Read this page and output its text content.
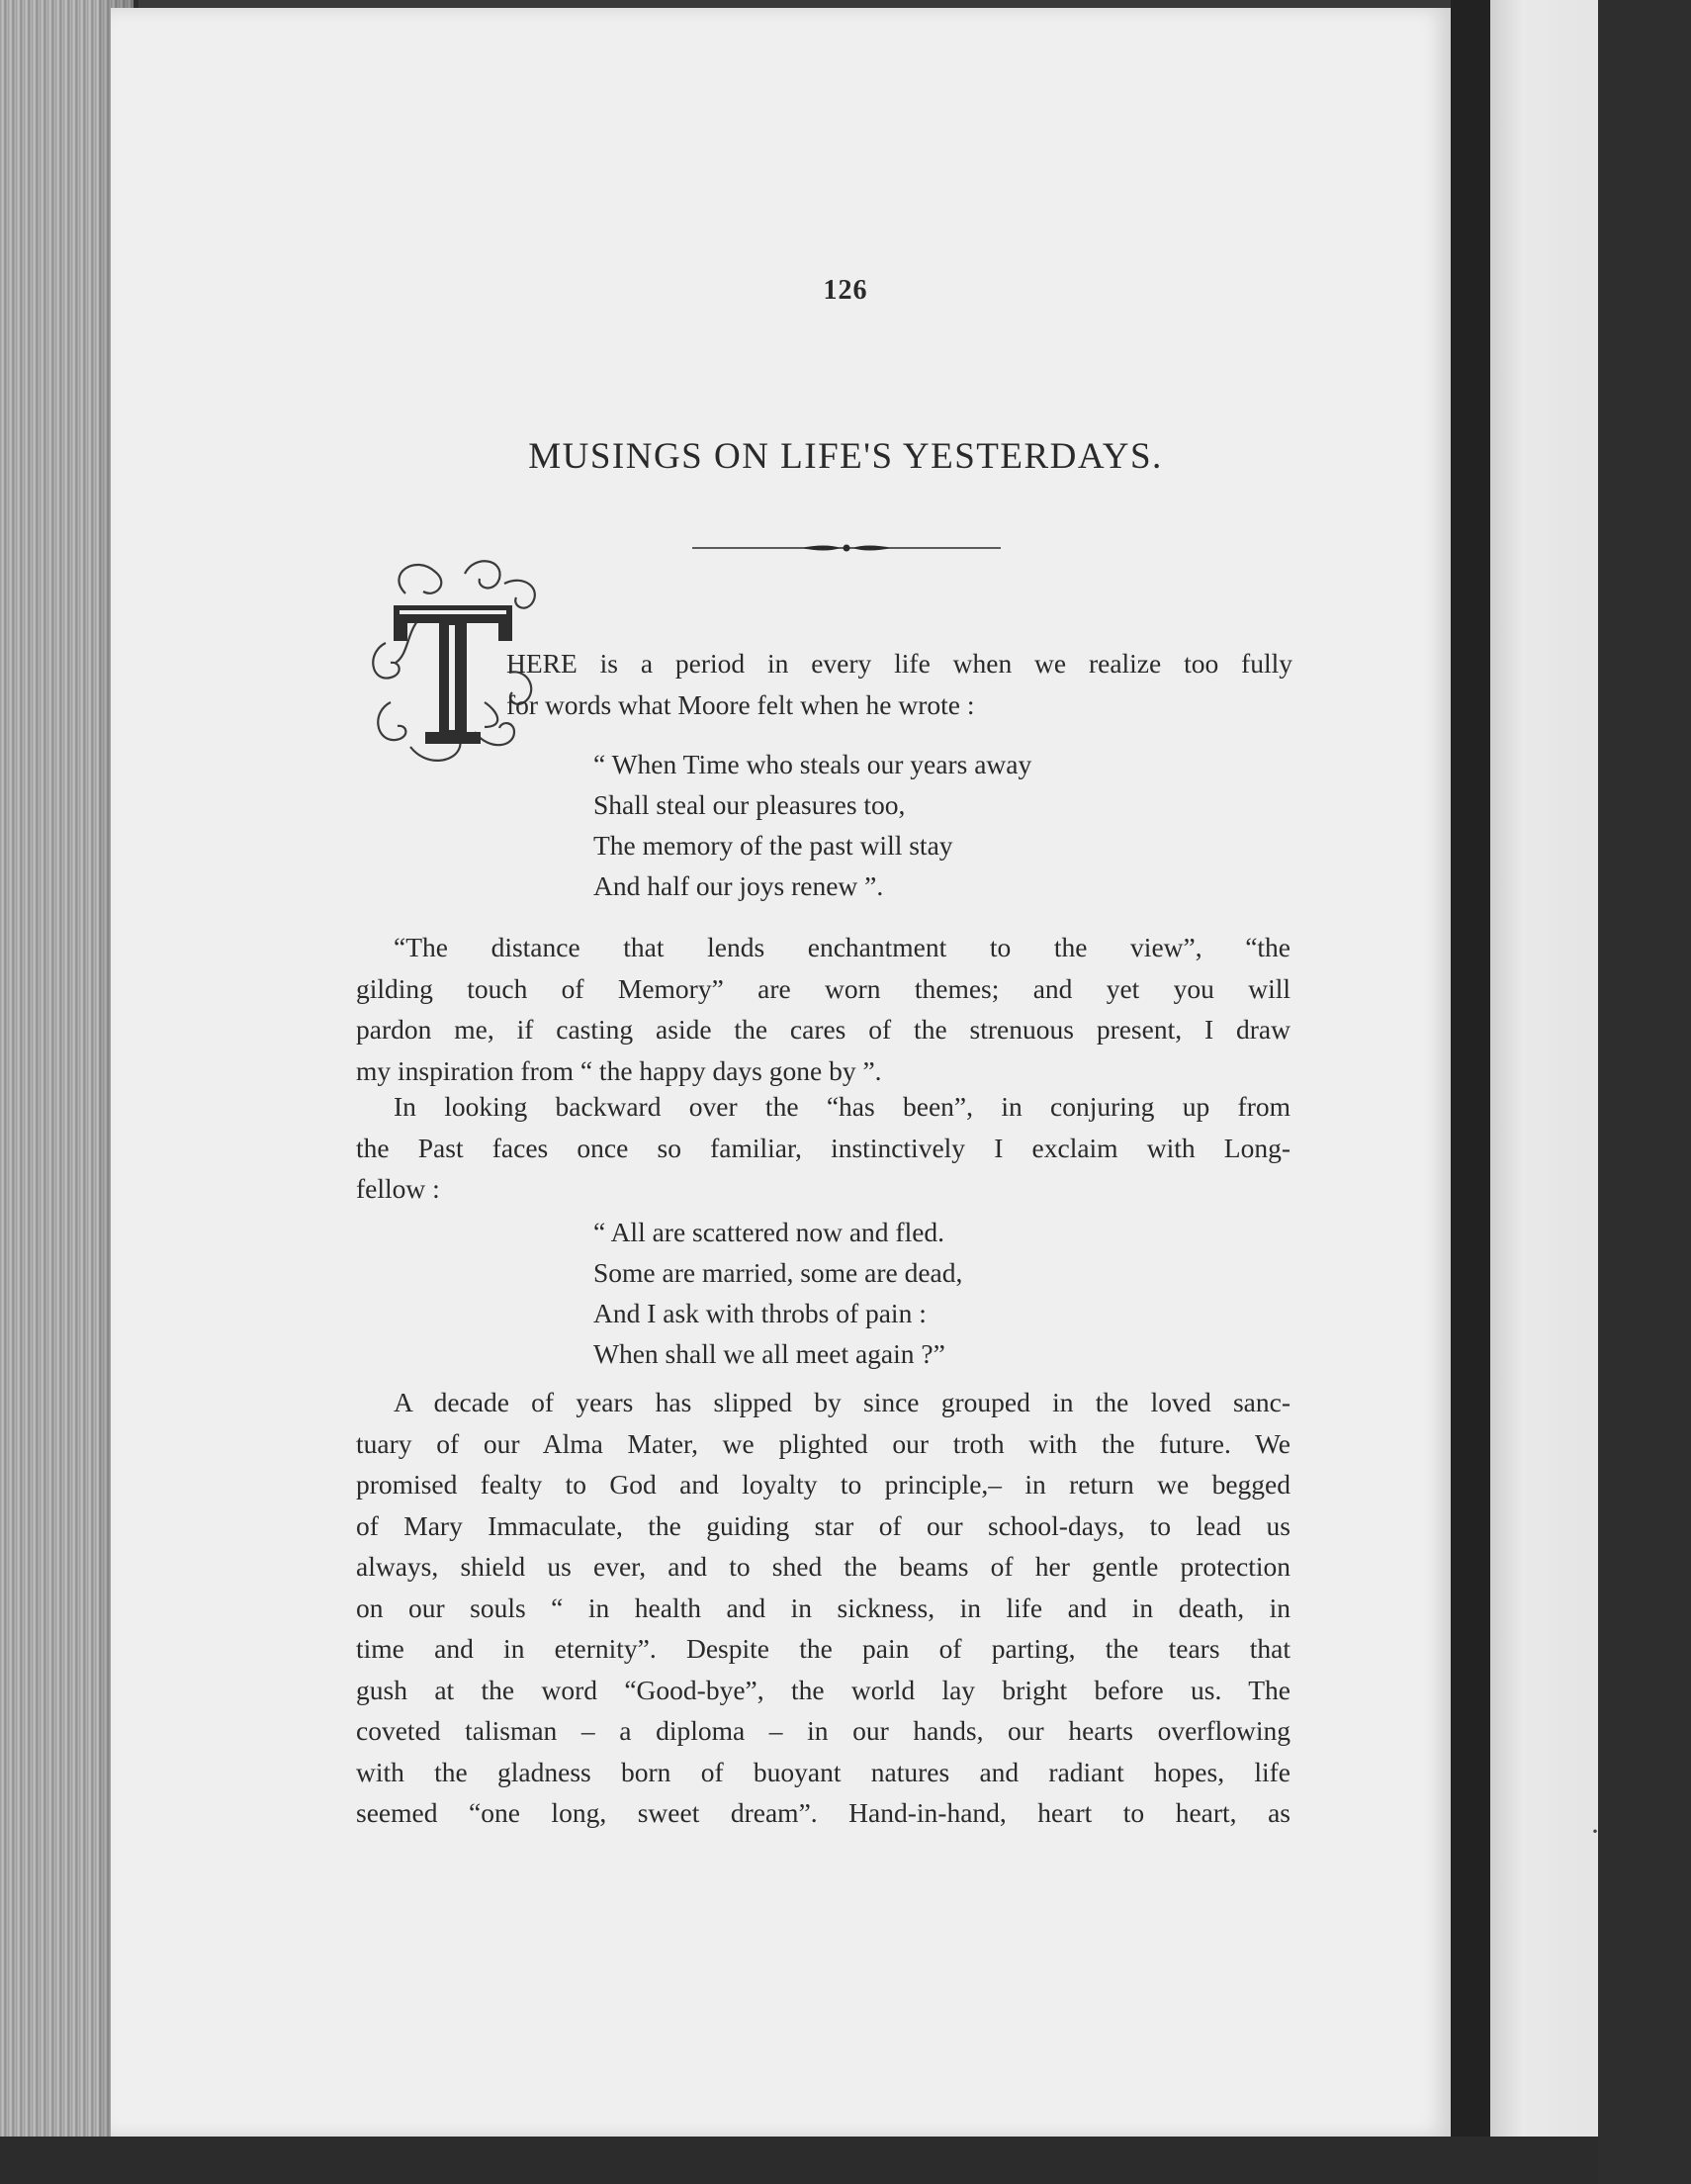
126
MUSINGS ON LIFE'S YESTERDAYS.
HERE is a period in every life when we realize too fully
for words what Moore felt when he wrote :
“ When Time who steals our years away
Shall steal our pleasures too,
The memory of the past will stay
And half our joys renew ”.
“The distance that lends enchantment to the view”, “the
gilding touch of Memory” are worn themes; and yet you will
pardon me, if casting aside the cares of the strenuous present, I draw
my inspiration from “ the happy days gone by ”.
In looking backward over the “has been”, in conjuring up from
the Past faces once so familiar, instinctively I exclaim with Long-
fellow :
“ All are scattered now and fled.
Some are married, some are dead,
And I ask with throbs of pain :
When shall we all meet again ?”
A decade of years has slipped by since grouped in the loved sanc-
tuary of our Alma Mater, we plighted our troth with the future. We
promised fealty to God and loyalty to principle,– in return we begged
of Mary Immaculate, the guiding star of our school-days, to lead us
always, shield us ever, and to shed the beams of her gentle protection
on our souls “ in health and in sickness, in life and in death, in
time and in eternity”. Despite the pain of parting, the tears that
gush at the word “Good-bye”, the world lay bright before us. The
coveted talisman – a diploma – in our hands, our hearts overflowing
with the gladness born of buoyant natures and radiant hopes, life
seemed “one long, sweet dream”. Hand-in-hand, heart to heart, as
·
